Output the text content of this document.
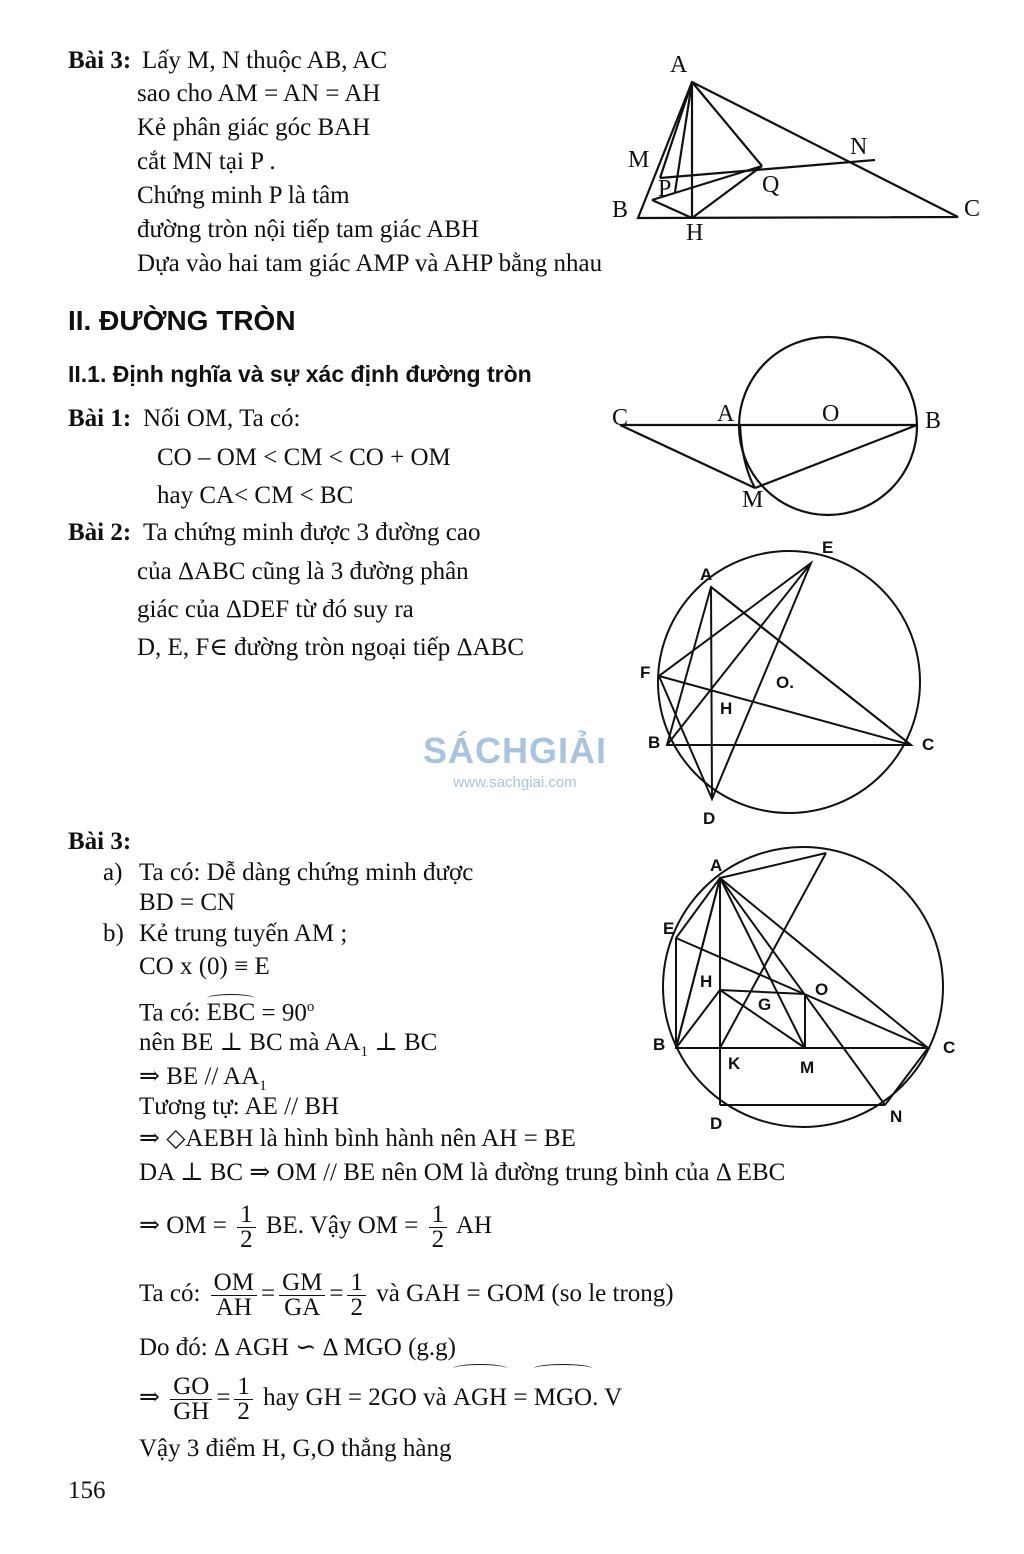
Bài 3: Lấy M, N thuộc AB, AC
sao cho AM = AN = AH
Kẻ phân giác góc BAH
cắt MN tại P .
Chứng minh P là tâm
đường tròn nội tiếp tam giác ABH
Dựa vào hai tam giác AMP và AHP bằng nhau
A
N
M
P	Q
B	C
H
II. ĐƯỜNG TRÒN
II.1. Định nghĩa và sự xác định đường tròn
Bài 1: Nối OM, Ta có:
CO – OM < CM < CO + OM
hay CA< CM < BC
C	A	O	B
M
Bài 2: Ta chứng minh được 3 đường cao
của ΔABC cũng là 3 đường phân
giác của ΔDEF từ đó suy ra
D, E, F∈ đường tròn ngoại tiếp ΔABC
E
A
F
O.
H
B	C
D
SÁCHGIẢI
www.sachgiai.com
Bài 3:
a) Ta có: Dễ dàng chứng minh được
BD = CN
b) Kẻ trung tuyến AM ;
CO x (0) ≡ E
Ta có: EBC = $90^o$
nên BE ⊥ BC mà $AA_1$ ⊥ BC
⇒ BE // $AA_1$
Tương tự: AE // BH
⇒ ◇AEBH là hình bình hành nên AH = BE
DA ⊥ BC ⇒ OM // BE nên OM là đường trung bình của Δ EBC
⇒ OM = $\frac{1}{2}$ BE. Vậy OM = $\frac{1}{2}$ AH
Ta có: $\frac{OM}{AH} = \frac{GM}{GA} = \frac{1}{2}$ và GAH = GOM (so le trong)
Do đó: Δ AGH ∽ Δ MGO (g.g)
⇒ $\frac{GO}{GH} = \frac{1}{2}$ hay GH = 2GO và AGH = MGO. V
Vậy 3 điểm H, G,O thẳng hàng
A
E
H
G
O
B	C
K	M
D	N
156
